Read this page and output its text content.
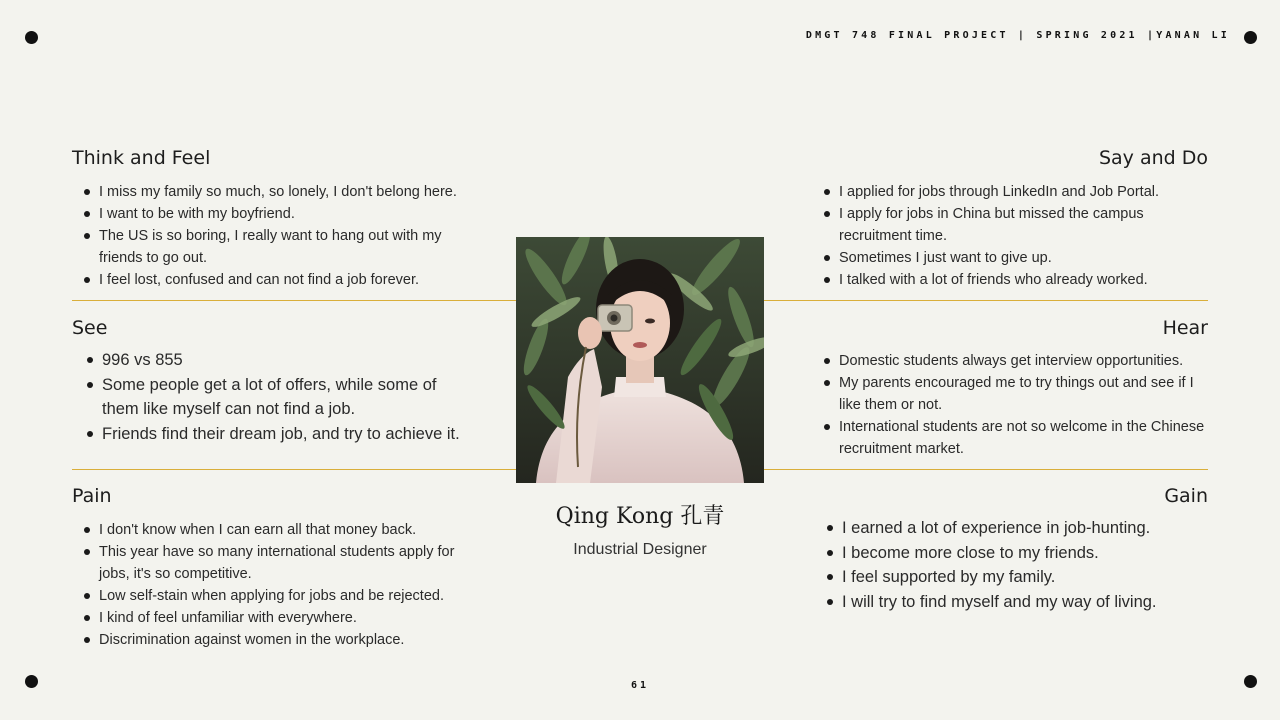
DMGT 748 FINAL PROJECT | SPRING 2021 |YANAN LI
Think and Feel
I miss my family so much, so lonely, I don't belong here.
I want to be with my boyfriend.
The US is so boring, I really want to hang out with my friends to go out.
I feel lost, confused and can not find a job forever.
Say and Do
I applied for jobs through LinkedIn and Job Portal.
I apply for jobs in China but missed the campus recruitment time.
Sometimes I just want to give up.
I talked with a lot of friends who already worked.
See
996 vs 855
Some people get a lot of offers, while some of them like myself can not find a job.
Friends find their dream job, and try to achieve it.
Hear
Domestic students always get interview opportunities.
My parents encouraged me to try things out and see if I like them or not.
International students are not so welcome in the Chinese recruitment market.
Pain
I don't know when I can earn all that money back.
This year have so many international students apply for jobs, it's so competitive.
Low self-stain when applying for jobs and be rejected.
I kind of feel unfamiliar with everywhere.
Discrimination against women in the workplace.
Gain
I earned a lot of experience in job-hunting.
I become more close to my friends.
I feel supported by my family.
I will try to find myself and my way of living.
Qing Kong 孔青
Industrial Designer
61
